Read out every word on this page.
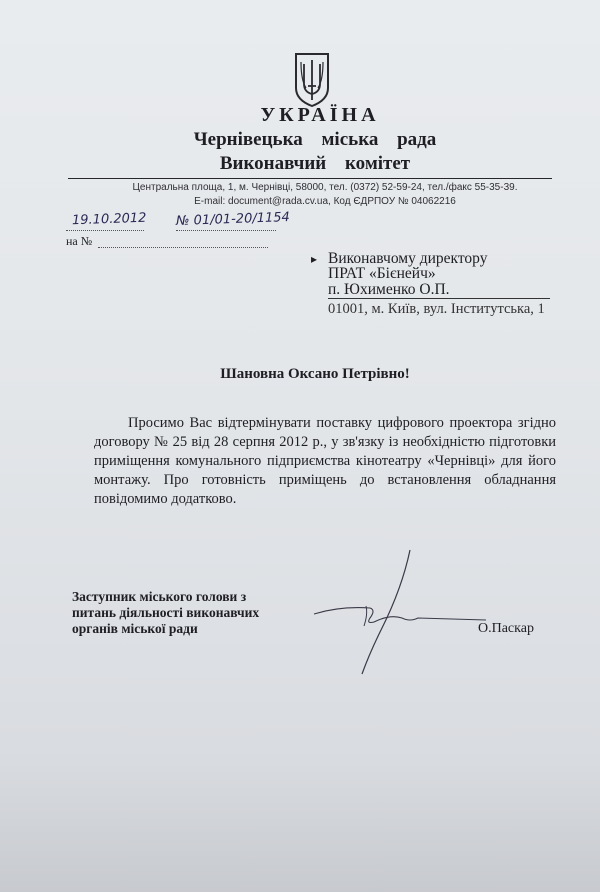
УКРАЇНА
Чернівецька міська рада
Виконавчий комітет
Центральна площа, 1, м. Чернівці, 58000, тел. (0372) 52-59-24, тел./факс 55-35-39.
E-mail: document@rada.cv.ua, Код ЄДРПОУ № 04062216
19.10.2012 № 01/01-20/1154
на №
▸ Виконавчому директору
ПРАТ «Бієнейч»
п. Юхименко О.П.
01001, м. Київ, вул. Інститутська, 1
Шановна Оксано Петрівно!
Просимо Вас відтермінувати поставку цифрового проектора згідно договору № 25 від 28 серпня 2012 р., у зв'язку із необхідністю підготовки приміщення комунального підприємства кінотеатру «Чернівці» для його монтажу. Про готовність приміщень до встановлення обладнання повідомимо додатково.
Заступник міського голови з
питань діяльності виконавчих
органів міської ради	О.Паскар
